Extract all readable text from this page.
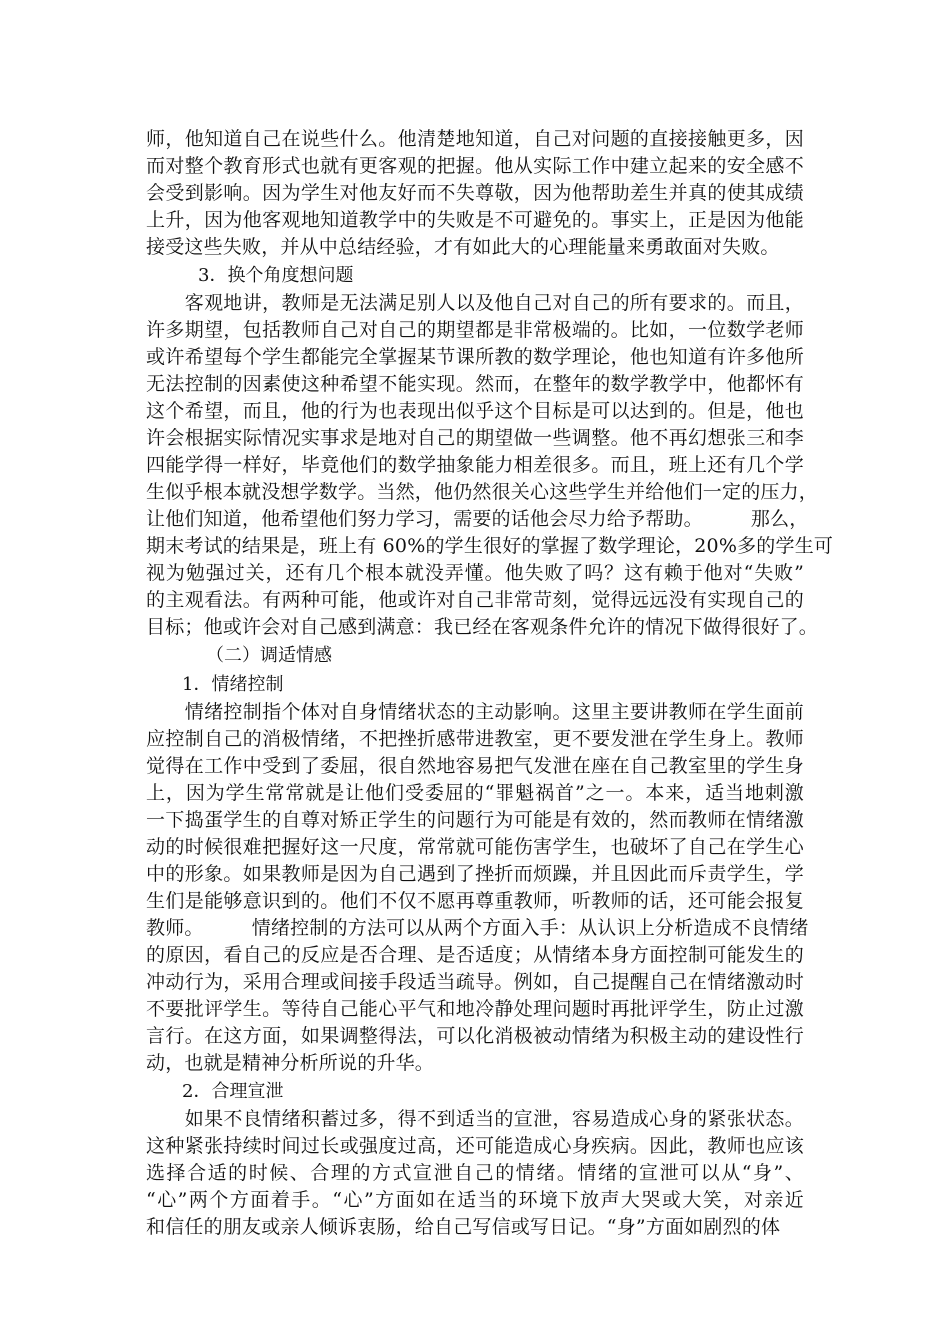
师，他知道自己在说些什么。他清楚地知道，自己对问题的直接接触更多，因
而对整个教育形式也就有更客观的把握。他从实际工作中建立起来的安全感不
会受到影响。因为学生对他友好而不失尊敬，因为他帮助差生并真的使其成绩
上升，因为他客观地知道教学中的失败是不可避免的。事实上，正是因为他能
接受这些失败，并从中总结经验，才有如此大的心理能量来勇敢面对失败。
3．换个角度想问题
　　客观地讲，教师是无法满足别人以及他自己对自己的所有要求的。而且，
许多期望，包括教师自己对自己的期望都是非常极端的。比如，一位数学老师
或许希望每个学生都能完全掌握某节课所教的数学理论，他也知道有许多他所
无法控制的因素使这种希望不能实现。然而，在整年的数学教学中，他都怀有
这个希望，而且，他的行为也表现出似乎这个目标是可以达到的。但是，他也
许会根据实际情况实事求是地对自己的期望做一些调整。他不再幻想张三和李
四能学得一样好，毕竟他们的数学抽象能力相差很多。而且，班上还有几个学
生似乎根本就没想学数学。当然，他仍然很关心这些学生并给他们一定的压力，
让他们知道，他希望他们努力学习，需要的话他会尽力给予帮助。　　　那么，
期末考试的结果是，班上有 60%的学生很好的掌握了数学理论，20%多的学生可
视为勉强过关，还有几个根本就没弄懂。他失败了吗？这有赖于他对“失败”
的主观看法。有两种可能，他或许对自己非常苛刻，觉得远远没有实现自己的
目标；他或许会对自己感到满意：我已经在客观条件允许的情况下做得很好了。
（二）调适情感
1．情绪控制
　　情绪控制指个体对自身情绪状态的主动影响。这里主要讲教师在学生面前
应控制自己的消极情绪，不把挫折感带进教室，更不要发泄在学生身上。教师
觉得在工作中受到了委屈，很自然地容易把气发泄在座在自己教室里的学生身
上，因为学生常常就是让他们受委屈的“罪魁祸首”之一。本来，适当地刺激
一下捣蛋学生的自尊对矫正学生的问题行为可能是有效的，然而教师在情绪激
动的时候很难把握好这一尺度，常常就可能伤害学生，也破坏了自己在学生心
中的形象。如果教师是因为自己遇到了挫折而烦躁，并且因此而斥责学生，学
生们是能够意识到的。他们不仅不愿再尊重教师，听教师的话，还可能会报复
教师。　　　情绪控制的方法可以从两个方面入手：从认识上分析造成不良情绪
的原因，看自己的反应是否合理、是否适度；从情绪本身方面控制可能发生的
冲动行为，采用合理或间接手段适当疏导。例如，自己提醒自己在情绪激动时
不要批评学生。等待自己能心平气和地冷静处理问题时再批评学生，防止过激
言行。在这方面，如果调整得法，可以化消极被动情绪为积极主动的建设性行
动，也就是精神分析所说的升华。
2．合理宣泄
　　如果不良情绪积蓄过多，得不到适当的宣泄，容易造成心身的紧张状态。
这种紧张持续时间过长或强度过高，还可能造成心身疾病。因此，教师也应该
选择合适的时候、合理的方式宣泄自己的情绪。情绪的宣泄可以从“身”、
“心”两个方面着手。“心”方面如在适当的环境下放声大哭或大笑，对亲近
和信任的朋友或亲人倾诉衷肠，给自己写信或写日记。“身”方面如剧烈的体
